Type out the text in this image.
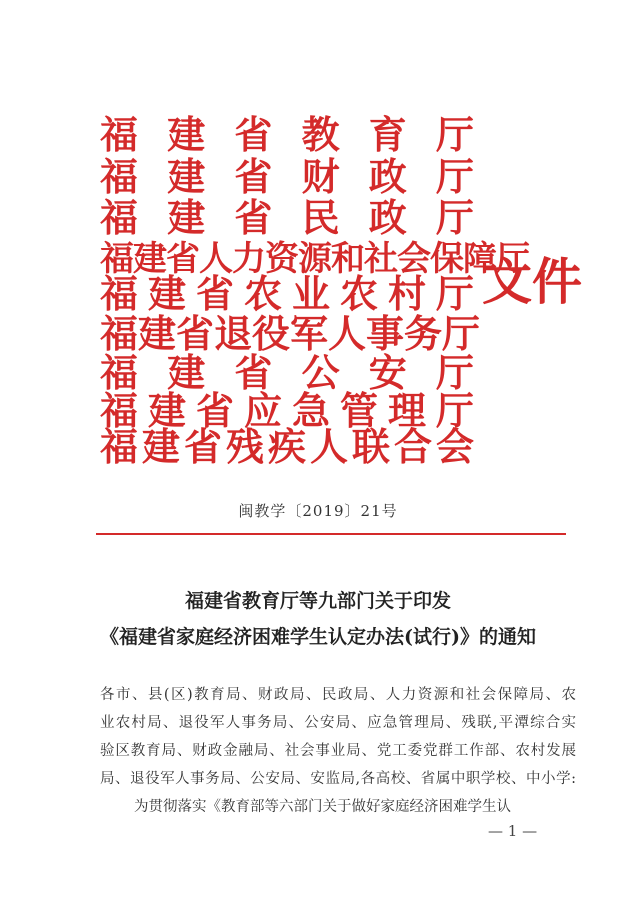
福建省教育厅
福建省财政厅
福建省民政厅
福建省人力资源和社会保障厅
福建省农业农村厅
福建省退役军人事务厅
福建省公安厅
福建省应急管理厅
福建省残疾人联合会
文件
闽教学〔2019〕21号
福建省教育厅等九部门关于印发
《福建省家庭经济困难学生认定办法(试行)》的通知
各市、县(区)教育局、财政局、民政局、人力资源和社会保障局、农
业农村局、退役军人事务局、公安局、应急管理局、残联,平潭综合实
验区教育局、财政金融局、社会事业局、党工委党群工作部、农村发展
局、退役军人事务局、公安局、安监局,各高校、省属中职学校、中小学:
为贯彻落实《教育部等六部门关于做好家庭经济困难学生认
— 1 —
